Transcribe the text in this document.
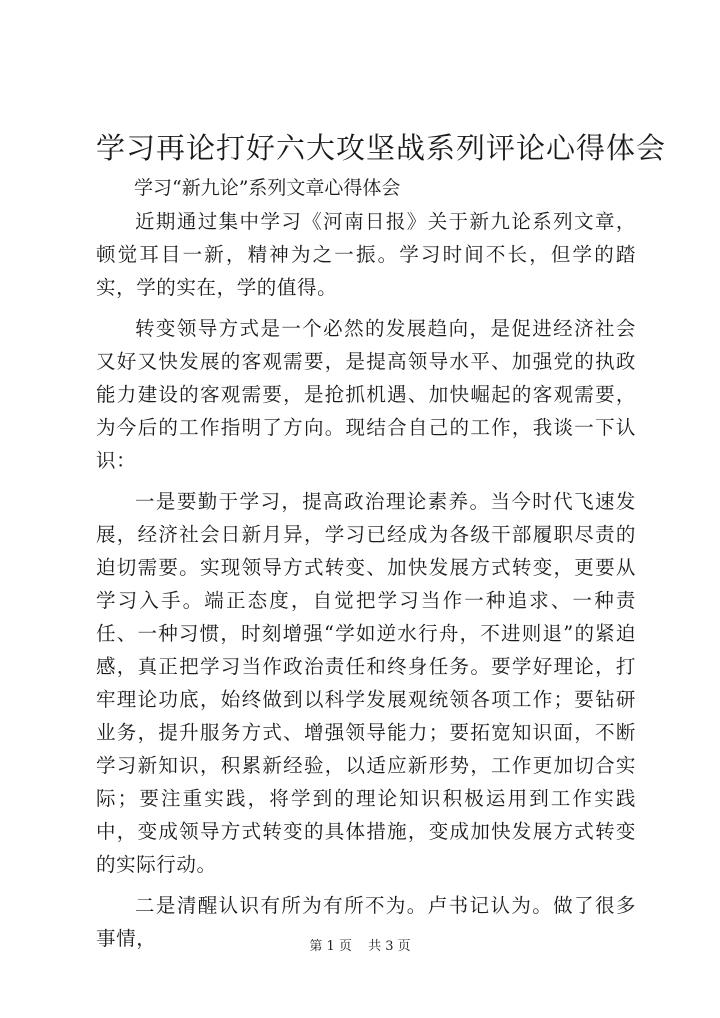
学习再论打好六大攻坚战系列评论心得体会

学习“新九论”系列文章心得体会

近期通过集中学习《河南日报》关于新九论系列文章，顿觉耳目一新，精神为之一振。学习时间不长，但学的踏实，学的实在，学的值得。

转变领导方式是一个必然的发展趋向，是促进经济社会又好又快发展的客观需要，是提高领导水平、加强党的执政能力建设的客观需要，是抢抓机遇、加快崛起的客观需要，为今后的工作指明了方向。现结合自己的工作，我谈一下认识：

一是要勤于学习，提高政治理论素养。当今时代飞速发展，经济社会日新月异，学习已经成为各级干部履职尽责的迫切需要。实现领导方式转变、加快发展方式转变，更要从学习入手。端正态度，自觉把学习当作一种追求、一种责任、一种习惯，时刻增强“学如逆水行舟，不进则退”的紧迫感，真正把学习当作政治责任和终身任务。要学好理论，打牢理论功底，始终做到以科学发展观统领各项工作；要钻研业务，提升服务方式、增强领导能力；要拓宽知识面，不断学习新知识，积累新经验，以适应新形势，工作更加切合实际；要注重实践，将学到的理论知识积极运用到工作实践中，变成领导方式转变的具体措施，变成加快发展方式转变的实际行动。

二是清醒认识有所为有所不为。卢书记认为。做了很多事情，	第 1 页 共 3 页
